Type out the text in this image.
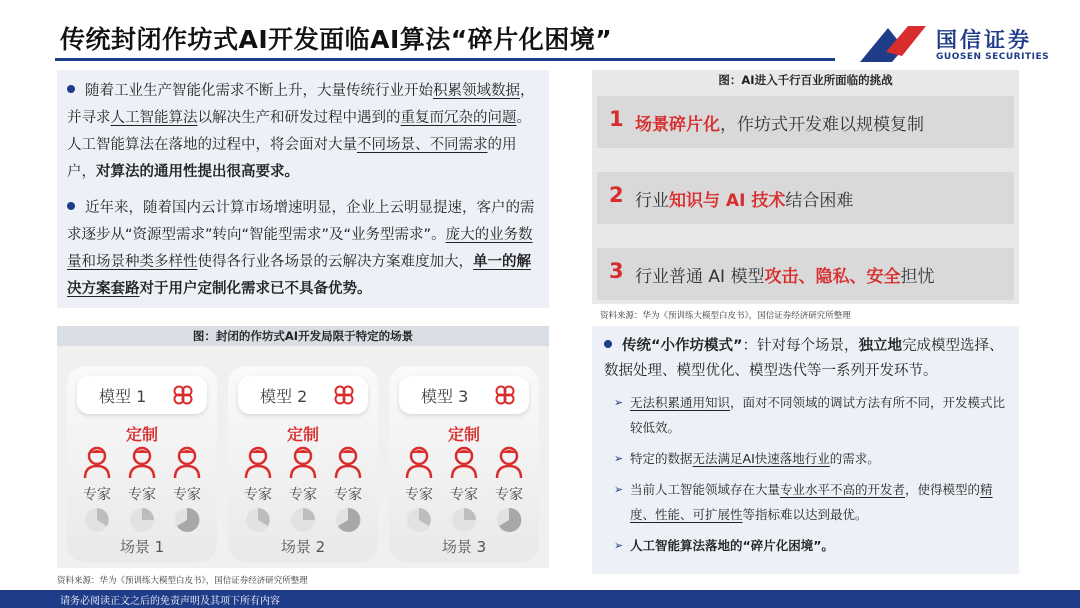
传统封闭作坊式AI开发面临AI算法“碎片化困境”	国信证券
GUOSEN SECURITIES

随着工业生产智能化需求不断上升，大量传统行业开始积累领域数据，并寻求人工智能算法以解决生产和研发过程中遇到的重复而冗杂的问题。人工智能算法在落地的过程中，将会面对大量不同场景、不同需求的用户，对算法的通用性提出很高要求。

近年来，随着国内云计算市场增速明显，企业上云明显提速，客户的需求逐步从“资源型需求”转向“智能型需求”及“业务型需求”。庞大的业务数量和场景种类多样性使得各行业各场景的云解决方案难度加大，单一的解决方案套路对于用户定制化需求已不具备优势。

图：封闭的作坊式AI开发局限于特定的场景
模型 1
定制
专家	专家	专家
场景 1
模型 2
定制
专家	专家	专家
场景 2
模型 3
定制
专家	专家	专家
场景 3
资料来源：华为《预训练大模型白皮书》，国信证券经济研究所整理
图：AI进入千行百业所面临的挑战
1 场景碎片化，作坊式开发难以规模复制
2 行业知识与 AI 技术结合困难
3 行业普通 AI 模型攻击、隐私、安全担忧
资料来源：华为《预训练大模型白皮书》，国信证券经济研究所整理

传统“小作坊模式”：针对每个场景，独立地完成模型选择、数据处理、模型优化、模型迭代等一系列开发环节。

➢ 无法积累通用知识，面对不同领域的调试方法有所不同，开发模式比较低效。

➢ 特定的数据无法满足AI快速落地行业的需求。

➢ 当前人工智能领域存在大量专业水平不高的开发者，使得模型的精度、性能、可扩展性等指标难以达到最优。

➢ 人工智能算法落地的“碎片化困境”。

请务必阅读正文之后的免责声明及其项下所有内容
